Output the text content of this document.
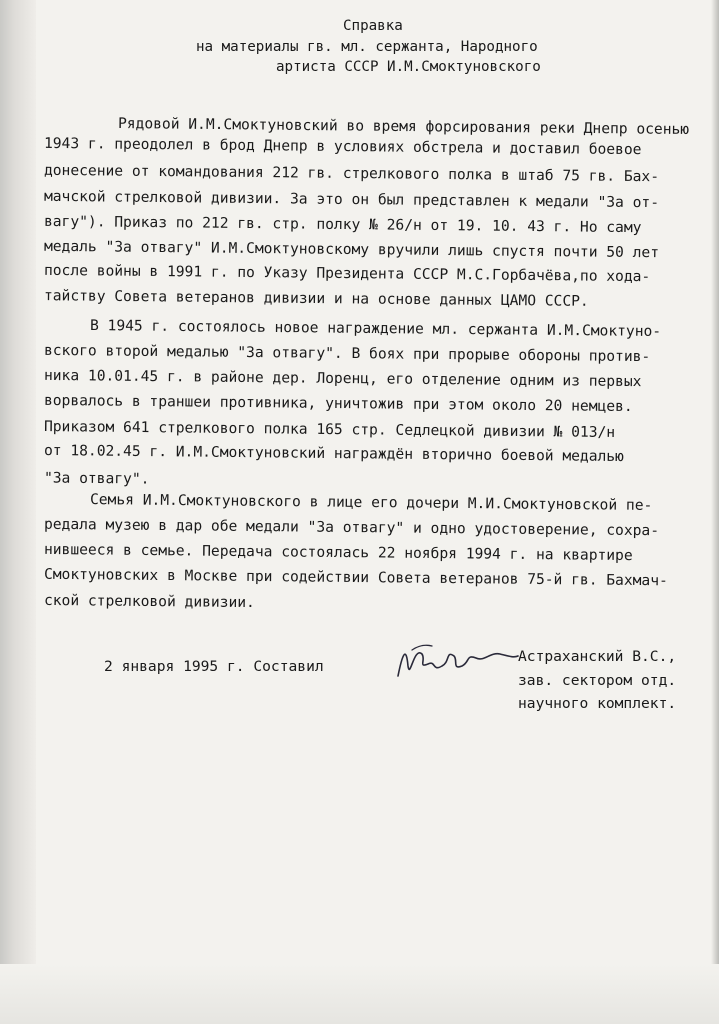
Справка
на материалы гв. мл. сержанта, Народного
артиста СССР И.М.Смоктуновского
Рядовой И.М.Смоктуновский во время форсирования реки Днепр осенью
1943 г. преодолел в брод Днепр в условиях обстрела и доставил боевое
донесение от командования 212 гв. стрелкового полка в штаб 75 гв. Бах-
мачской стрелковой дивизии. За это он был представлен к медали "За от-
вагу"). Приказ по 212 гв. стр. полку № 26/н от 19. 10. 43 г. Но саму
медаль "За отвагу" И.М.Смоктуновскому вручили лишь спустя почти 50 лет
после войны в 1991 г. по Указу Президента СССР М.С.Горбачёва,по хода-
тайству Совета ветеранов дивизии и на основе данных ЦАМО СССР.
В 1945 г. состоялось новое награждение мл. сержанта И.М.Смоктуно-
вского второй медалью "За отвагу". В боях при прорыве обороны против-
ника 10.01.45 г. в районе дер. Лоренц, его отделение одним из первых
ворвалось в траншеи противника, уничтожив при этом около 20 немцев.
Приказом 641 стрелкового полка 165 стр. Седлецкой дивизии № 013/н
от 18.02.45 г. И.М.Смоктуновский награждён вторично боевой медалью
"За отвагу".
Семья И.М.Смоктуновского в лице его дочери М.И.Смоктуновской пе-
редала музею в дар обе медали "За отвагу" и одно удостоверение, сохра-
нившееся в семье. Передача состоялась 22 ноября 1994 г. на квартире
Смоктуновских в Москве при содействии Совета ветеранов 75-й гв. Бахмач-
ской стрелковой дивизии.
2 января 1995 г. Составил
Астраханский В.С.,
зав. сектором отд.
научного комплект.
